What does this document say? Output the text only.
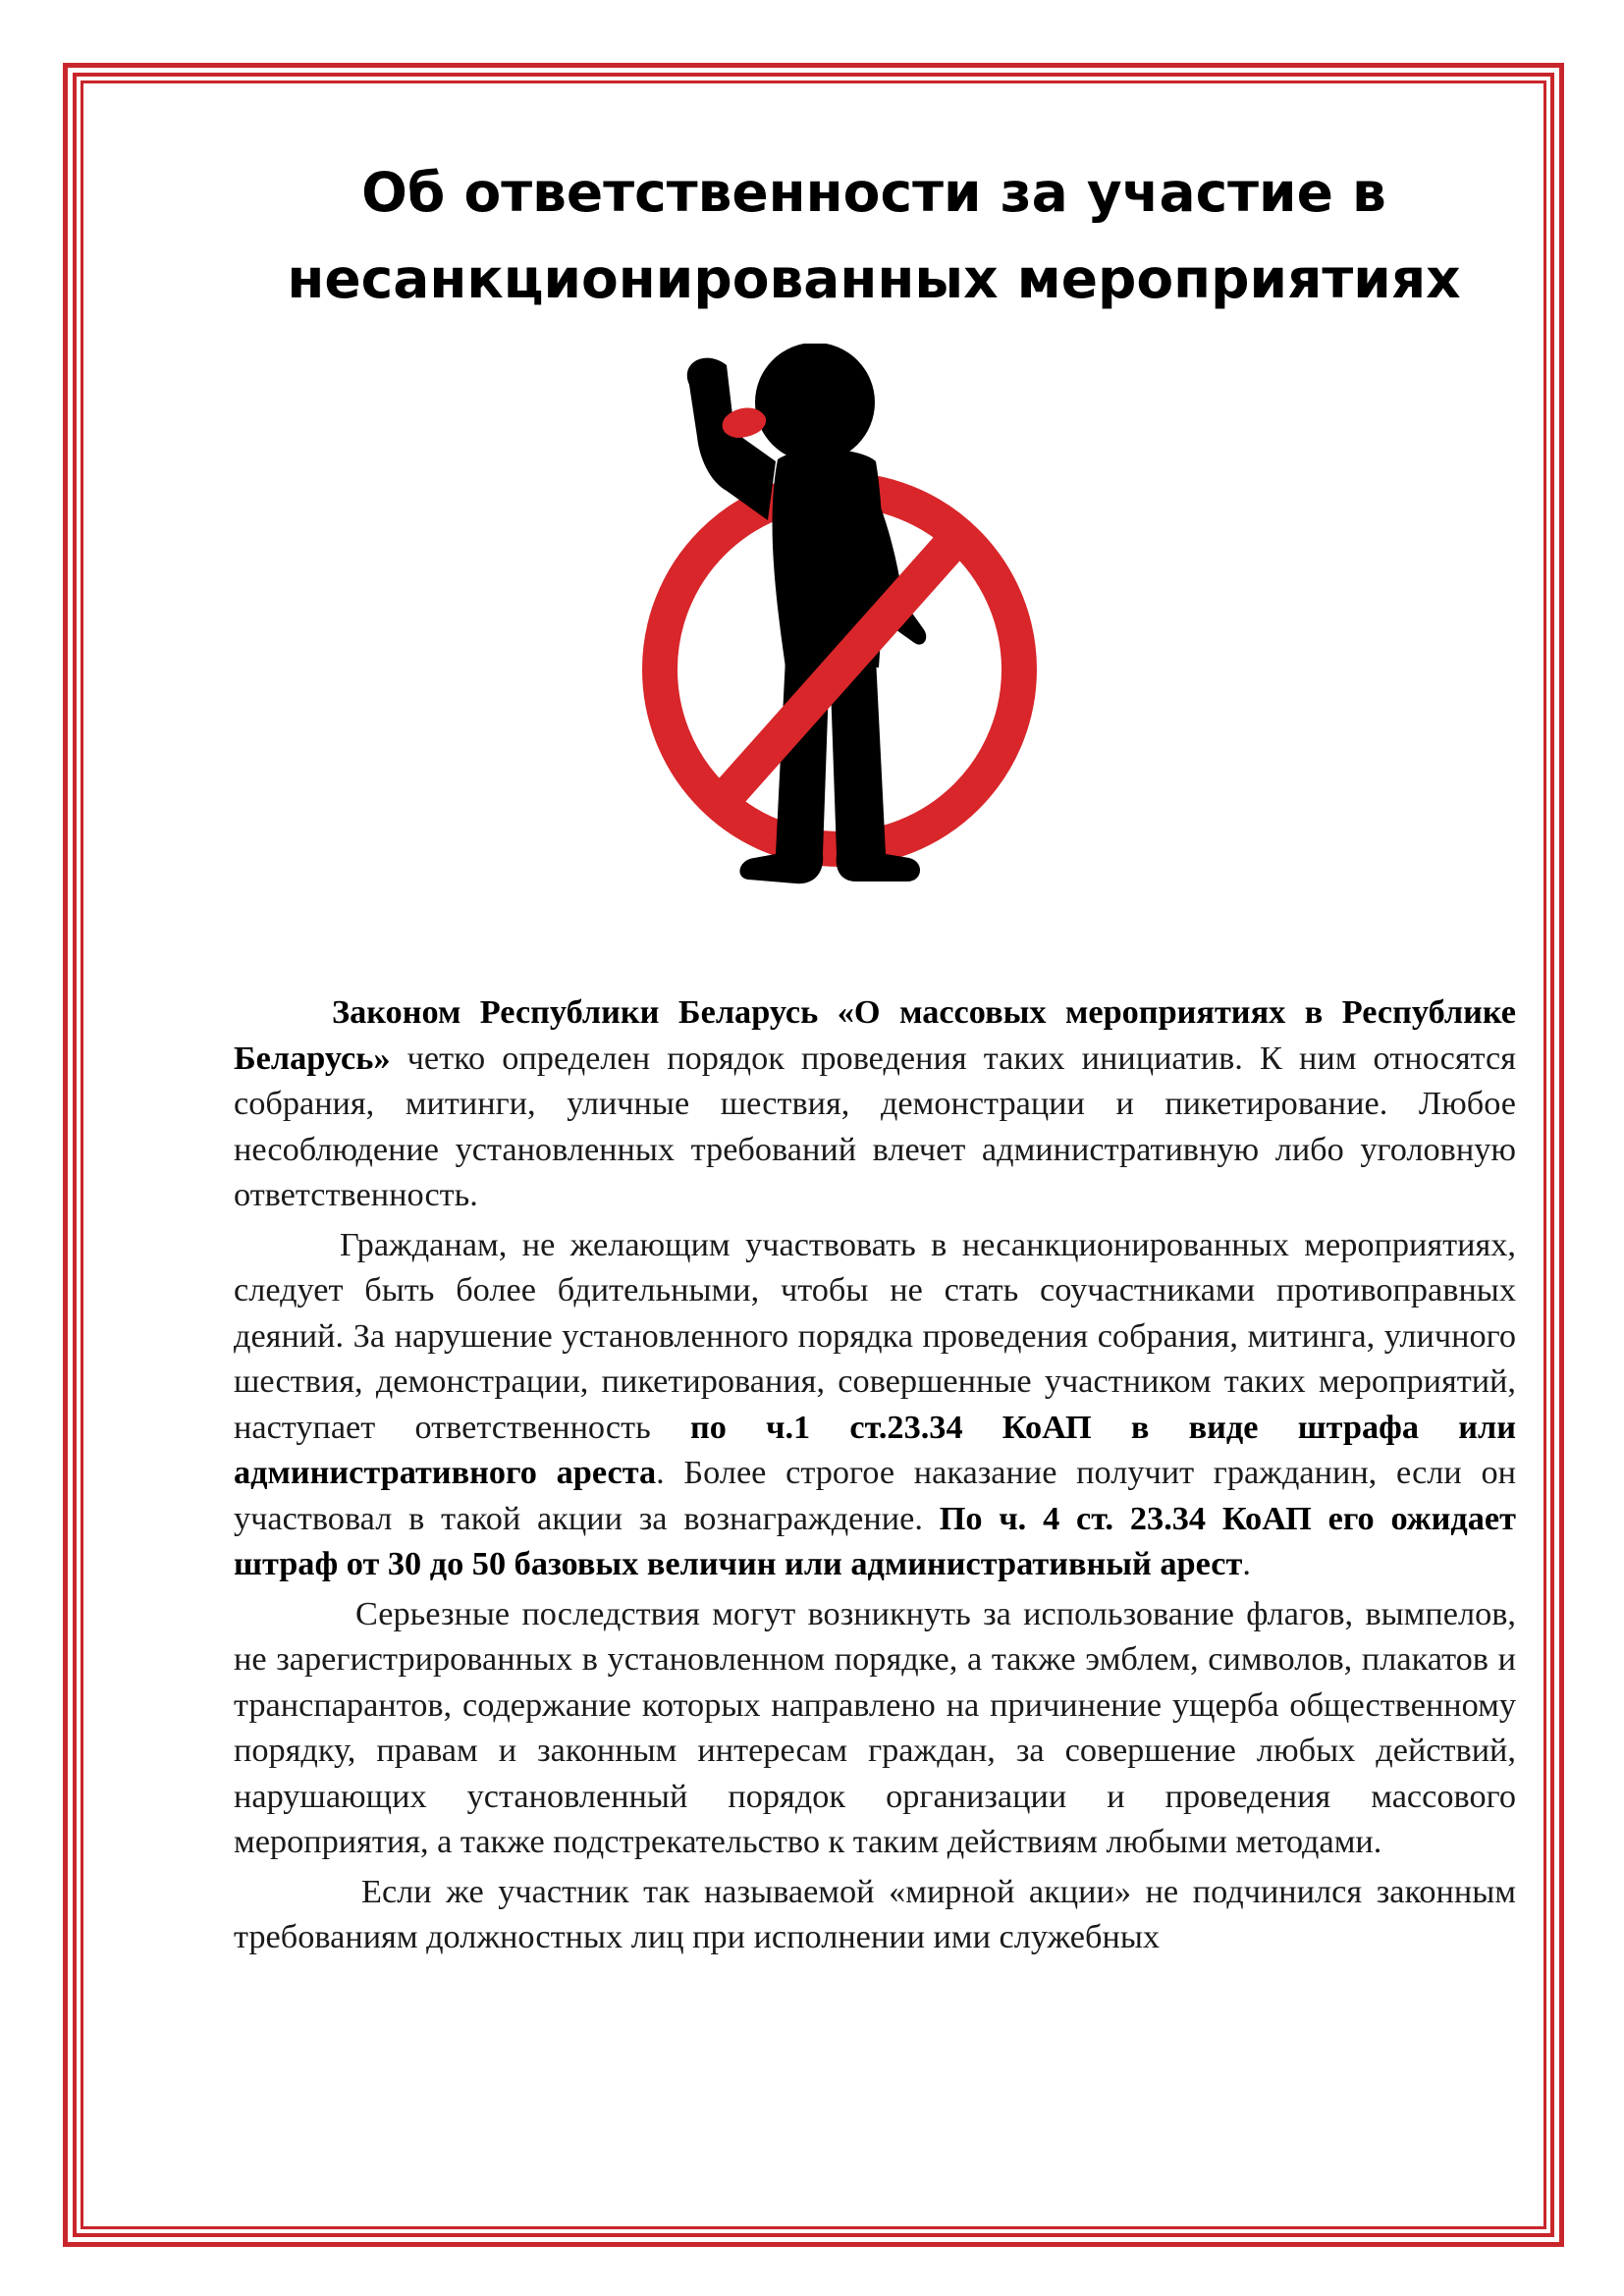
Об ответственности за участие в
несанкционированных мероприятиях

Законом Республики Беларусь «О массовых мероприятиях в Республике Беларусь» четко определен порядок проведения таких инициатив. К ним относятся собрания, митинги, уличные шествия, демонстрации и пикетирование. Любое несоблюдение установленных требований влечет административную либо уголовную ответственность.

Гражданам, не желающим участвовать в несанкционированных мероприятиях, следует быть более бдительными, чтобы не стать соучастниками противоправных деяний. За нарушение установленного порядка проведения собрания, митинга, уличного шествия, демонстрации, пикетирования, совершенные участником таких мероприятий, наступает ответственность по ч.1 ст.23.34 КоАП в виде штрафа или административного ареста. Более строгое наказание получит гражданин, если он участвовал в такой акции за вознаграждение. По ч. 4 ст. 23.34 КоАП его ожидает штраф от 30 до 50 базовых величин или административный арест.

Серьезные последствия могут возникнуть за использование флагов, вымпелов, не зарегистрированных в установленном порядке, а также эмблем, символов, плакатов и транспарантов, содержание которых направлено на причинение ущерба общественному порядку, правам и законным интересам граждан, за совершение любых действий, нарушающих установленный порядок организации и проведения массового мероприятия, а также подстрекательство к таким действиям любыми методами.

Если же участник так называемой «мирной акции» не подчинился законным требованиям должностных лиц при исполнении ими служебных
